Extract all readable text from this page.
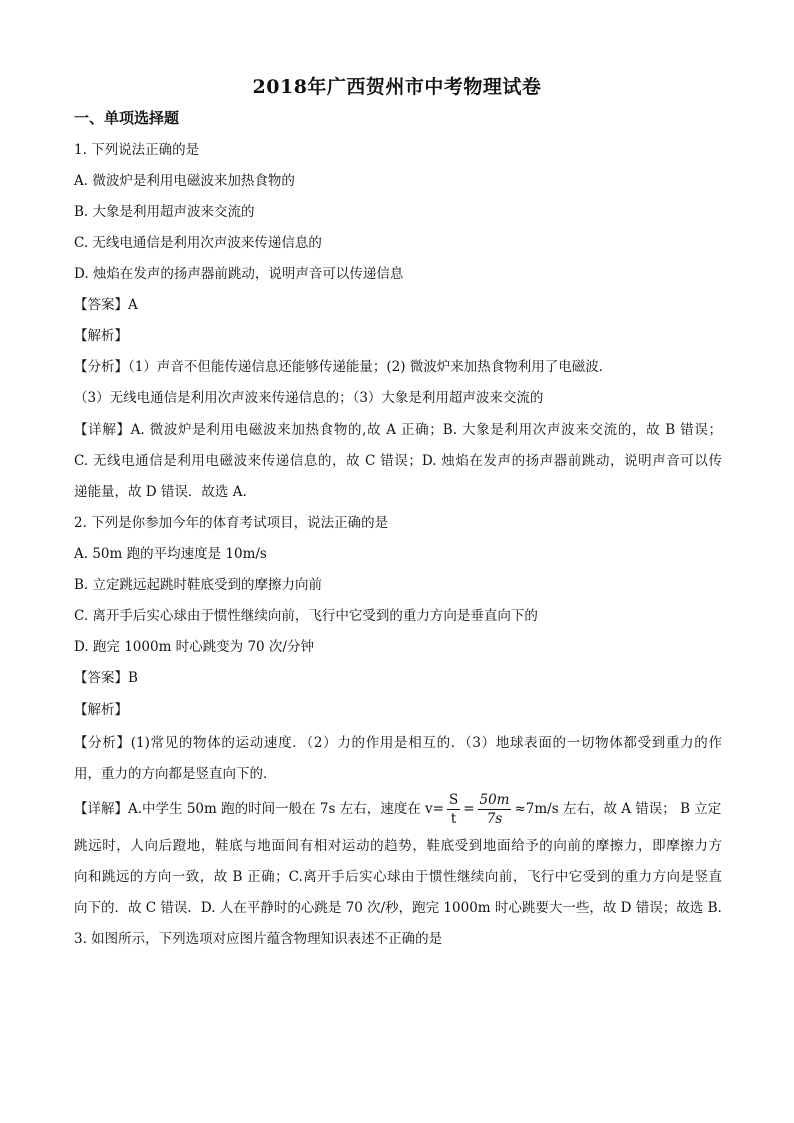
2018年广西贺州市中考物理试卷
一、单项选择题
1. 下列说法正确的是
A. 微波炉是利用电磁波来加热食物的
B. 大象是利用超声波来交流的
C. 无线电通信是利用次声波来传递信息的
D. 烛焰在发声的扬声器前跳动，说明声音可以传递信息
【答案】A
【解析】
【分析】（1）声音不但能传递信息还能够传递能量；(2) 微波炉来加热食物利用了电磁波．
（3）无线电通信是利用次声波来传递信息的；（3）大象是利用超声波来交流的
【详解】A. 微波炉是利用电磁波来加热食物的,故 A 正确；B. 大象是利用次声波来交流的，故 B 错误；
C. 无线电通信是利用电磁波来传递信息的，故 C 错误；D. 烛焰在发声的扬声器前跳动，说明声音可以传
递能量，故 D 错误．故选 A.
2. 下列是你参加今年的体育考试项目，说法正确的是
A. 50m 跑的平均速度是 10m/s
B. 立定跳远起跳时鞋底受到的摩擦力向前
C. 离开手后实心球由于惯性继续向前，飞行中它受到的重力方向是垂直向下的
D. 跑完 1000m 时心跳变为 70 次/分钟
【答案】B
【解析】
【分析】(1)常见的物体的运动速度．（2）力的作用是相互的．（3）地球表面的一切物体都受到重力的作
用，重力的方向都是竖直向下的．
【详解】A.中学生 50m 跑的时间一般在 7s 左右，速度在 $v= \frac{S}{t} = \frac{50m}{7s} \approx 7m/s$ 左右，故 A 错误； B 立定
跳远时，人向后蹬地，鞋底与地面间有相对运动的趋势，鞋底受到地面给予的向前的摩擦力，即摩擦力方
向和跳远的方向一致，故 B 正确；C.离开手后实心球由于惯性继续向前，飞行中它受到的重力方向是竖直
向下的．故 C 错误．D. 人在平静时的心跳是 70 次/秒，跑完 1000m 时心跳要大一些，故 D 错误；故选 B.
3. 如图所示，下列选项对应图片蕴含物理知识表述不正确的是
